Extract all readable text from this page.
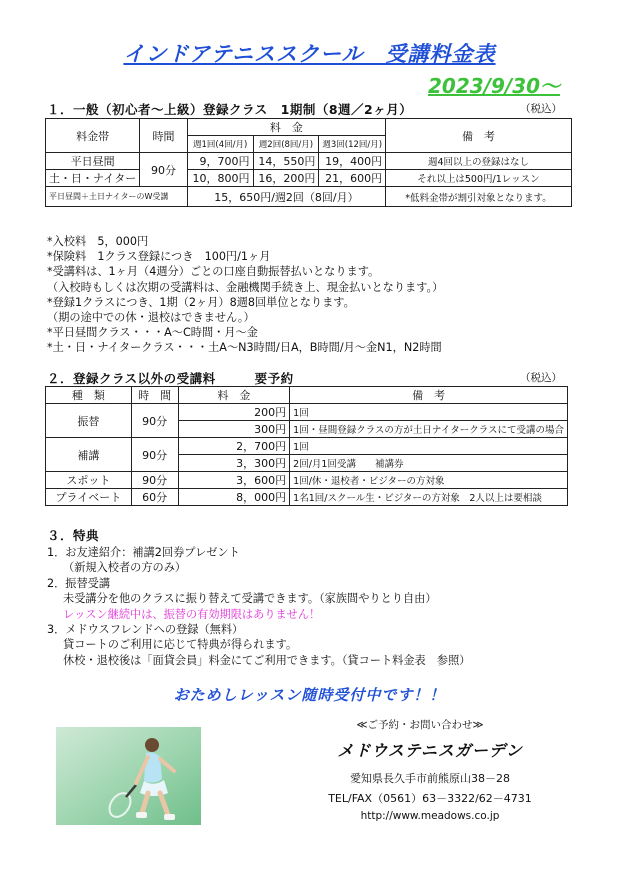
インドアテニススクール　受講料金表
2023/9/30～
１．一般（初心者～上級）登録クラス　1期制（8週／2ヶ月）	（税込）
料金帯	時間	料　金			備　考
		週1回(4回/月)	週2回(8回/月)	週3回(12回/月)	
平日昼間	90分	9，700円	14，550円	19，400円	週4回以上の登録はなし
土・日・ナイター		10，800円	16，200円	21，600円	それ以上は500円/1レッスン
平日昼間＋土日ナイターのW受講		15，650円/週2回（8回/月）			*低料金帯が割引対象となります。
*入校料　5，000円
*保険料　1クラス登録につき　100円/1ヶ月
*受講料は、1ヶ月（4週分）ごとの口座自動振替払いとなります。
（入校時もしくは次期の受講料は、金融機関手続き上、現金払いとなります。）
*登録1クラスにつき、1期（2ヶ月）8週8回単位となります。
（期の途中での休・退校はできません。）
*平日昼間クラス・・・A～C時間・月～金
*土・日・ナイタークラス・・・土A～N3時間/日A，B時間/月～金N1，N2時間
２．登録クラス以外の受講料　　　要予約	（税込）
種　類	時　間	料　金	備　考
振替	90分	200円	1回
		300円	1回・昼間登録クラスの方が土日ナイタークラスにて受講の場合
補講	90分	2，700円	1回
		3，300円	2回/月1回受講　　補講券
スポット	90分	3，600円	1回/休・退校者・ビジターの方対象
プライベート	60分	8，000円	1名1回/スクール生・ビジターの方対象　2人以上は要相談
３．特典
1．お友達紹介：補講2回券プレゼント
（新規入校者の方のみ）
2．振替受講
未受講分を他のクラスに振り替えて受講できます。（家族間やりとり自由）
レッスン継続中は、振替の有効期限はありません！
3．メドウスフレンドへの登録（無料）
貸コートのご利用に応じて特典が得られます。
休校・退校後は「面貸会員」料金にてご利用できます。（貸コート料金表　参照）
おためしレッスン随時受付中です！！
≪ご予約・お問い合わせ≫
メドウステニスガーデン
愛知県長久手市前熊原山38－28
TEL/FAX（0561）63－3322/62－4731
http://www.meadows.co.jp
